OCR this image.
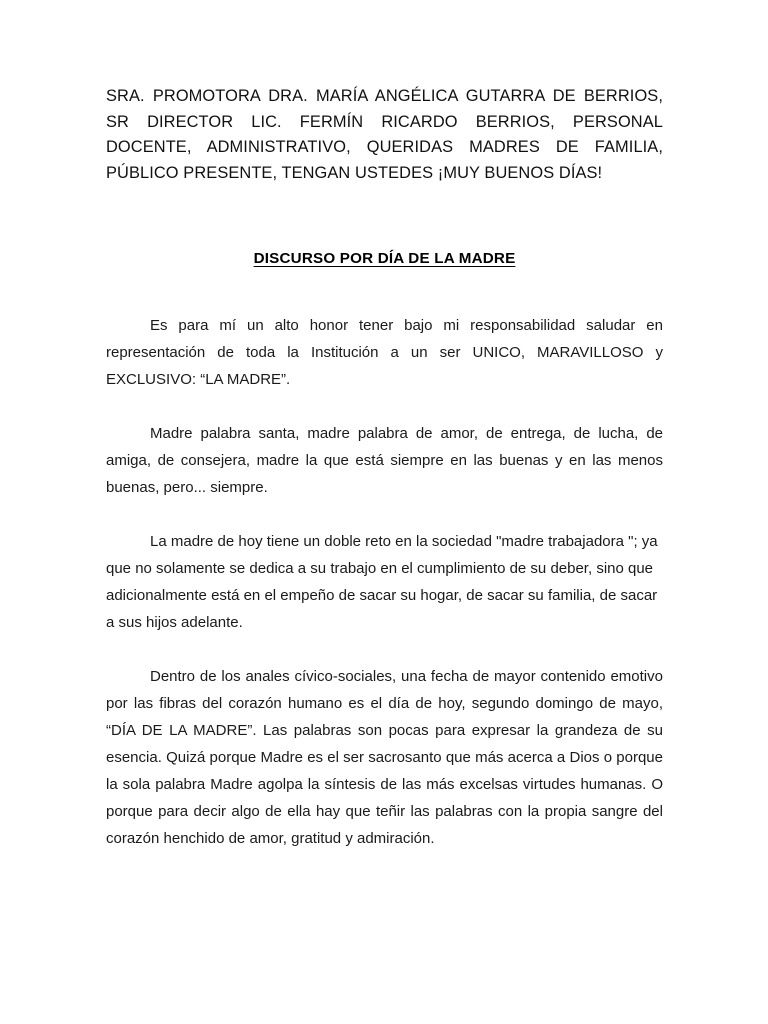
SRA. PROMOTORA DRA. MARÍA ANGÉLICA GUTARRA DE BERRIOS, SR DIRECTOR LIC. FERMÍN RICARDO BERRIOS, PERSONAL DOCENTE, ADMINISTRATIVO, QUERIDAS MADRES DE FAMILIA, PÚBLICO PRESENTE, TENGAN USTEDES ¡MUY BUENOS DÍAS!

DISCURSO POR DÍA DE LA MADRE

Es para mí un alto honor tener bajo mi responsabilidad saludar en representación de toda la Institución a un ser UNICO, MARAVILLOSO y EXCLUSIVO: “LA MADRE”.

Madre palabra santa, madre palabra de amor, de entrega, de lucha, de amiga, de consejera, madre la que está siempre en las buenas y en las menos buenas, pero... siempre.

La madre de hoy tiene un doble reto en la sociedad "madre trabajadora "; ya que no solamente se dedica a su trabajo en el cumplimiento de su deber, sino que adicionalmente está en el empeño de sacar su hogar, de sacar su familia, de sacar a sus hijos adelante.

Dentro de los anales cívico-sociales, una fecha de mayor contenido emotivo por las fibras del corazón humano es el día de hoy, segundo domingo de mayo, “DÍA DE LA MADRE”. Las palabras son pocas para expresar la grandeza de su esencia. Quizá porque Madre es el ser sacrosanto que más acerca a Dios o porque la sola palabra Madre agolpa la síntesis de las más excelsas virtudes humanas. O porque para decir algo de ella hay que teñir las palabras con la propia sangre del corazón henchido de amor, gratitud y admiración.
